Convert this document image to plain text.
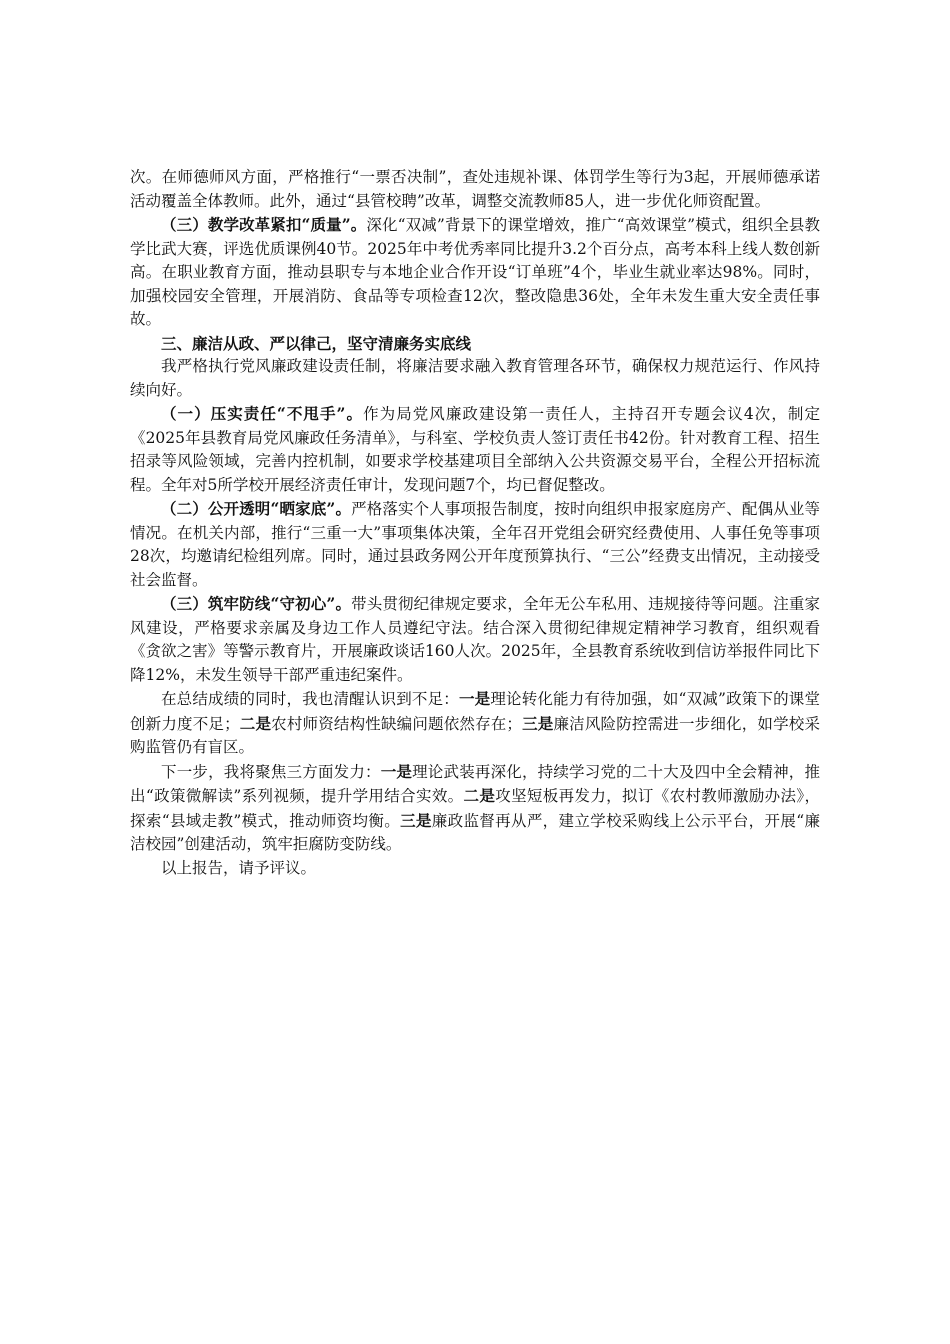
次。在师德师风方面，严格推行“一票否决制”，查处违规补课、体罚学生等行为3起，开展师德承诺活动覆盖全体教师。此外，通过“县管校聘”改革，调整交流教师85人，进一步优化师资配置。

（三）教学改革紧扣“质量”。深化“双减”背景下的课堂增效，推广“高效课堂”模式，组织全县教学比武大赛，评选优质课例40节。2025年中考优秀率同比提升3.2个百分点，高考本科上线人数创新高。在职业教育方面，推动县职专与本地企业合作开设“订单班”4个，毕业生就业率达98%。同时，加强校园安全管理，开展消防、食品等专项检查12次，整改隐患36处，全年未发生重大安全责任事故。

三、廉洁从政、严以律己，坚守清廉务实底线

我严格执行党风廉政建设责任制，将廉洁要求融入教育管理各环节，确保权力规范运行、作风持续向好。

（一）压实责任“不甩手”。作为局党风廉政建设第一责任人，主持召开专题会议4次，制定《2025年县教育局党风廉政任务清单》，与科室、学校负责人签订责任书42份。针对教育工程、招生招录等风险领域，完善内控机制，如要求学校基建项目全部纳入公共资源交易平台，全程公开招标流程。全年对5所学校开展经济责任审计，发现问题7个，均已督促整改。

（二）公开透明“晒家底”。严格落实个人事项报告制度，按时向组织申报家庭房产、配偶从业等情况。在机关内部，推行“三重一大”事项集体决策，全年召开党组会研究经费使用、人事任免等事项28次，均邀请纪检组列席。同时，通过县政务网公开年度预算执行、“三公”经费支出情况，主动接受社会监督。

（三）筑牢防线“守初心”。带头贯彻纪律规定要求，全年无公车私用、违规接待等问题。注重家风建设，严格要求亲属及身边工作人员遵纪守法。结合深入贯彻纪律规定精神学习教育，组织观看《贪欲之害》等警示教育片，开展廉政谈话160人次。2025年，全县教育系统收到信访举报件同比下降12%，未发生领导干部严重违纪案件。

在总结成绩的同时，我也清醒认识到不足：一是理论转化能力有待加强，如“双减”政策下的课堂创新力度不足；二是农村师资结构性缺编问题依然存在；三是廉洁风险防控需进一步细化，如学校采购监管仍有盲区。

下一步，我将聚焦三方面发力：一是理论武装再深化，持续学习党的二十大及四中全会精神，推出“政策微解读”系列视频，提升学用结合实效。二是攻坚短板再发力，拟订《农村教师激励办法》，探索“县域走教”模式，推动师资均衡。三是廉政监督再从严，建立学校采购线上公示平台，开展“廉洁校园”创建活动，筑牢拒腐防变防线。

以上报告，请予评议。
